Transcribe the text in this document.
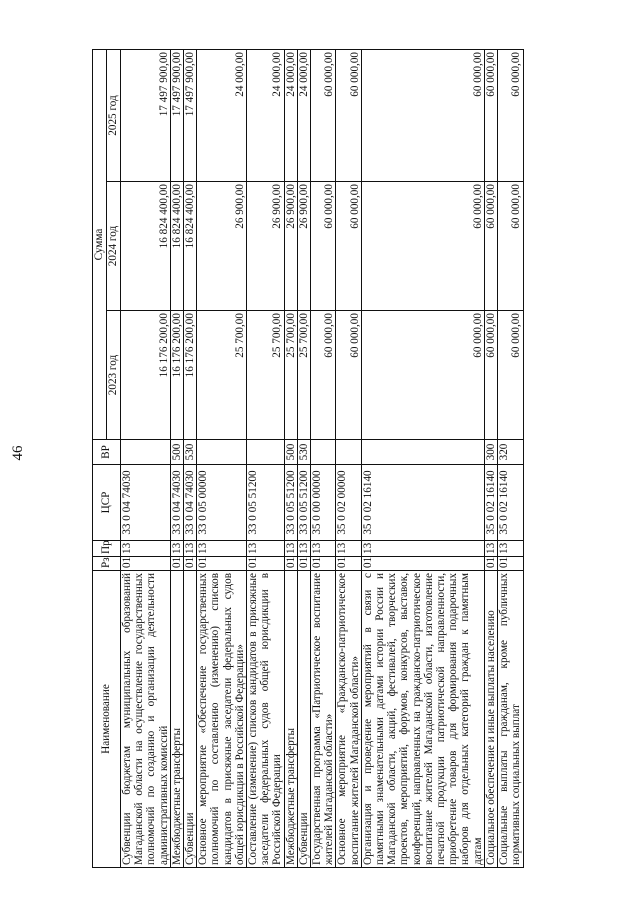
46
Наименование	Рз	Пр	ЦСР	ВР	Сумма		
					2023 год	2024 год	2025 год
Субвенции бюджетам муниципальных образований Магаданской области на осуществление государственных полномочий по созданию и организации деятельности административных комиссий	01	13	33 0 04 74030		16 176 200,00	16 824 400,00	17 497 900,00
Межбюджетные трансферты	01	13	33 0 04 74030	500	16 176 200,00	16 824 400,00	17 497 900,00
Субвенции	01	13	33 0 04 74030	530	16 176 200,00	16 824 400,00	17 497 900,00
Основное мероприятие «Обеспечение государственных полномочий по составлению (изменению) списков кандидатов в присяжные заседатели федеральных судов общей юрисдикции в Российской Федерации»	01	13	33 0 05 00000		25 700,00	26 900,00	24 000,00
Составление (изменение) списков кандидатов в присяжные заседатели федеральных судов общей юрисдикции в Российской Федерации	01	13	33 0 05 51200		25 700,00	26 900,00	24 000,00
Межбюджетные трансферты	01	13	33 0 05 51200	500	25 700,00	26 900,00	24 000,00
Субвенции	01	13	33 0 05 51200	530	25 700,00	26 900,00	24 000,00
Государственная программа «Патриотическое воспитание жителей Магаданской области»	01	13	35 0 00 00000		60 000,00	60 000,00	60 000,00
Основное мероприятие «Гражданско-патриотическое воспитание жителей Магаданской области»	01	13	35 0 02 00000		60 000,00	60 000,00	60 000,00
Организация и проведение мероприятий в связи с памятными знаменательными датами истории России и Магаданской области, акций, фестивалей, творческих проектов, мероприятий, форумов, конкурсов, выставок, конференций, направленных на гражданско-патриотическое воспитание жителей Магаданской области, изготовление печатной продукции патриотической направленности, приобретение товаров для формирования подарочных наборов для отдельных категорий граждан к памятным датам	01	13	35 0 02 16140		60 000,00	60 000,00	60 000,00
Социальное обеспечение и иные выплаты населению	01	13	35 0 02 16140	300	60 000,00	60 000,00	60 000,00
Социальные выплаты гражданам, кроме публичных нормативных социальных выплат	01	13	35 0 02 16140	320	60 000,00	60 000,00	60 000,00
